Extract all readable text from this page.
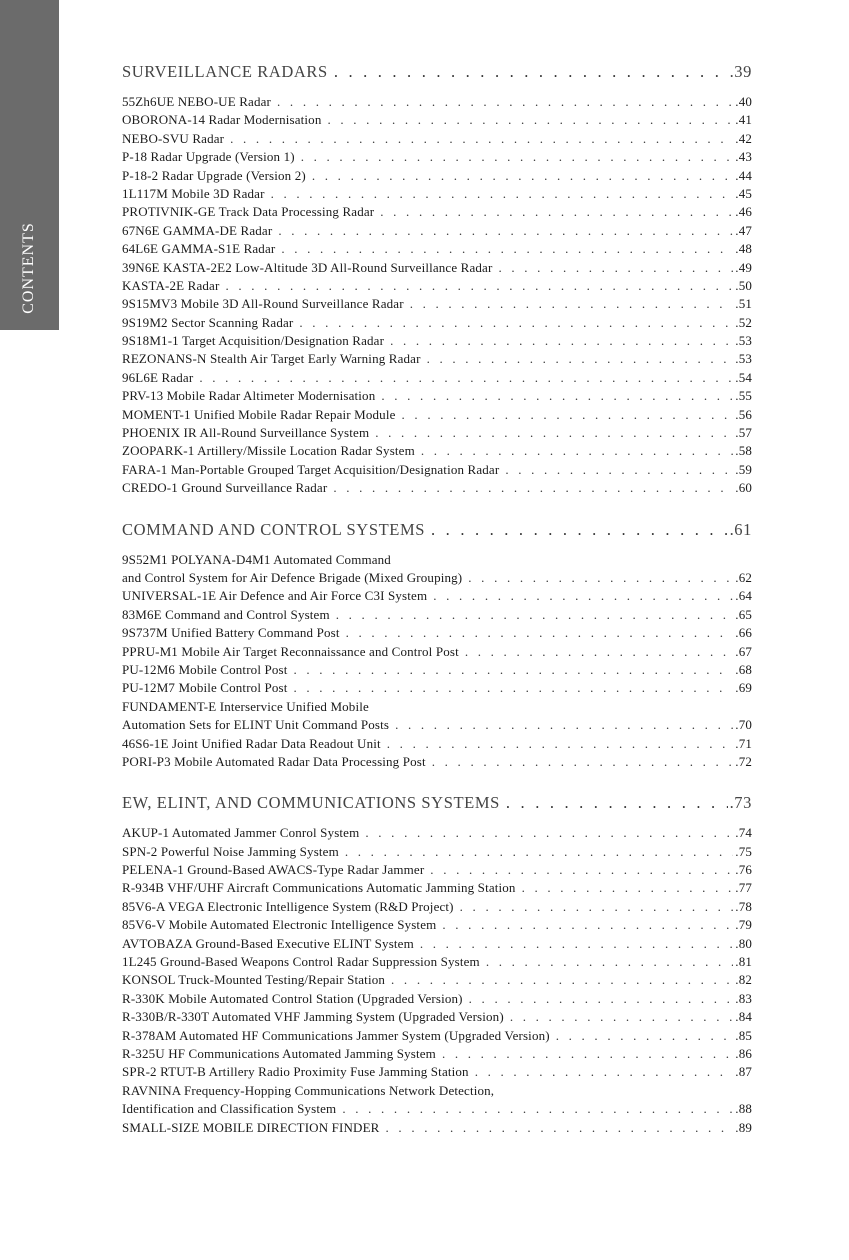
CONTENTS
SURVEILLANCE RADARS . . .	.39
55Zh6UE NEBO-UE Radar . . .	.40
OBORONA-14 Radar Modernisation . . .	.41
NEBO-SVU Radar . . .	.42
P-18 Radar Upgrade (Version 1) . . .	.43
P-18-2 Radar Upgrade (Version 2) . . .	.44
1L117M Mobile 3D Radar . . .	.45
PROTIVNIK-GE Track Data Processing Radar . . .	.46
67N6E GAMMA-DE Radar . . .	.47
64L6E GAMMA-S1E Radar . . .	.48
39N6E KASTA-2E2 Low-Altitude 3D All-Round Surveillance Radar . . .	.49
KASTA-2E Radar . . .	.50
9S15MV3 Mobile 3D All-Round Surveillance Radar . . .	.51
9S19M2 Sector Scanning Radar . . .	.52
9S18M1-1 Target Acquisition/Designation Radar . . .	.53
REZONANS-N Stealth Air Target Early Warning Radar . . .	.53
96L6E Radar . . .	.54
PRV-13 Mobile Radar Altimeter Modernisation . . .	.55
MOMENT-1 Unified Mobile Radar Repair Module . . .	.56
PHOENIX IR All-Round Surveillance System . . .	.57
ZOOPARK-1 Artillery/Missile Location Radar System . . .	.58
FARA-1 Man-Portable Grouped Target Acquisition/Designation Radar . . .	.59
CREDO-1 Ground Surveillance Radar . . .	.60
COMMAND AND CONTROL SYSTEMS . . .	.61
9S52M1 POLYANA-D4M1 Automated Command
and Control System for Air Defence Brigade (Mixed Grouping) . . .	.62
UNIVERSAL-1E Air Defence and Air Force C3I System . . .	.64
83M6E Command and Control System . . .	.65
9S737M Unified Battery Command Post . . .	.66
PPRU-M1 Mobile Air Target Reconnaissance and Control Post . . .	.67
PU-12M6 Mobile Control Post . . .	.68
PU-12M7 Mobile Control Post . . .	.69
FUNDAMENT-E Interservice Unified Mobile
Automation Sets for ELINT Unit Command Posts . . .	.70
46S6-1E Joint Unified Radar Data Readout Unit . . .	.71
PORI-P3 Mobile Automated Radar Data Processing Post . . .	.72
EW, ELINT, AND COMMUNICATIONS SYSTEMS . . .	.73
AKUP-1 Automated Jammer Conrol System . . .	.74
SPN-2 Powerful Noise Jamming System . . .	.75
PELENA-1 Ground-Based AWACS-Type Radar Jammer . . .	.76
R-934B VHF/UHF Aircraft Communications Automatic Jamming Station . . .	.77
85V6-A VEGA Electronic Intelligence System (R&D Project) . . .	.78
85V6-V Mobile Automated Electronic Intelligence System . . .	.79
AVTOBAZA Ground-Based Executive ELINT System . . .	.80
1L245 Ground-Based Weapons Control Radar Suppression System . . .	.81
KONSOL Truck-Mounted Testing/Repair Station . . .	.82
R-330K Mobile Automated Control Station (Upgraded Version) . . .	.83
R-330B/R-330T Automated VHF Jamming System (Upgraded Version) . . .	.84
R-378AM Automated HF Communications Jammer System (Upgraded Version) . . .	.85
R-325U HF Communications Automated Jamming System . . .	.86
SPR-2 RTUT-B Artillery Radio Proximity Fuse Jamming Station . . .	.87
RAVNINA Frequency-Hopping Communications Network Detection,
Identification and Classification System . . .	.88
SMALL-SIZE MOBILE DIRECTION FINDER . . .	.89
